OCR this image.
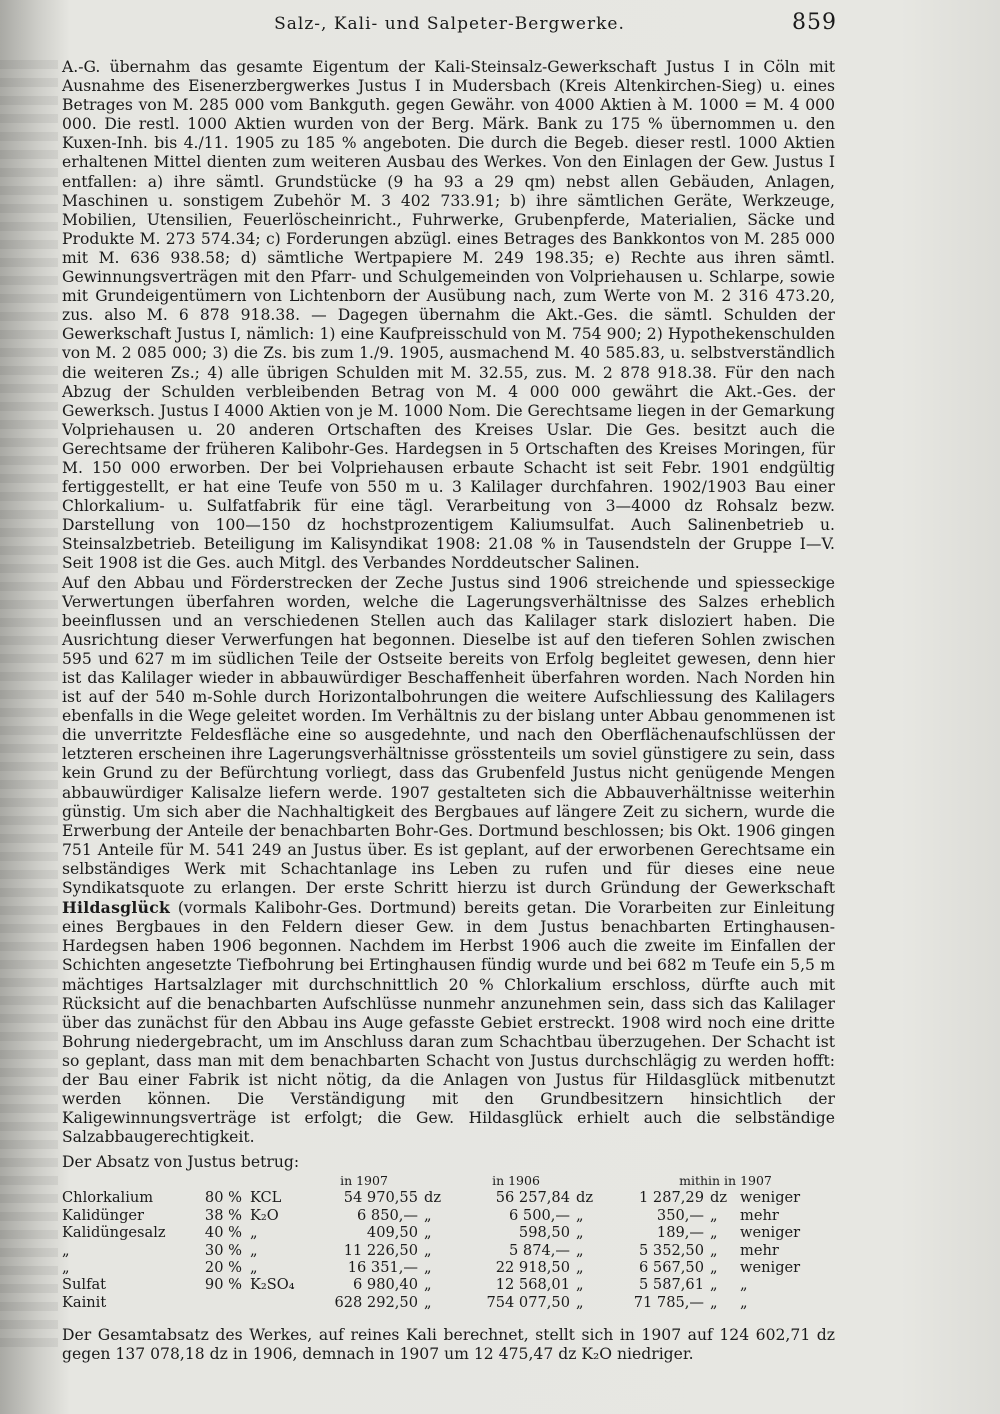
Salz-, Kali- und Salpeter-Bergwerke.	859

A.-G. übernahm das gesamte Eigentum der Kali-Steinsalz-Gewerkschaft Justus I in Cöln mit Ausnahme des Eisenerzbergwerkes Justus I in Mudersbach (Kreis Altenkirchen-Sieg) u. eines Betrages von M. 285 000 vom Bankguth. gegen Gewähr. von 4000 Aktien à M. 1000 = M. 4 000 000. Die restl. 1000 Aktien wurden von der Berg. Märk. Bank zu 175 % übernommen u. den Kuxen-Inh. bis 4./11. 1905 zu 185 % angeboten. Die durch die Begeb. dieser restl. 1000 Aktien erhaltenen Mittel dienten zum weiteren Ausbau des Werkes. Von den Einlagen der Gew. Justus I entfallen: a) ihre sämtl. Grundstücke (9 ha 93 a 29 qm) nebst allen Gebäuden, Anlagen, Maschinen u. sonstigem Zubehör M. 3 402 733.91; b) ihre sämtlichen Geräte, Werkzeuge, Mobilien, Utensilien, Feuerlöscheinricht., Fuhrwerke, Grubenpferde, Materialien, Säcke und Produkte M. 273 574.34; c) Forderungen abzügl. eines Betrages des Bankkontos von M. 285 000 mit M. 636 938.58; d) sämtliche Wertpapiere M. 249 198.35; e) Rechte aus ihren sämtl. Gewinnungsverträgen mit den Pfarr- und Schulgemeinden von Volpriehausen u. Schlarpe, sowie mit Grundeigentümern von Lichtenborn der Ausübung nach, zum Werte von M. 2 316 473.20, zus. also M. 6 878 918.38. — Dagegen übernahm die Akt.-Ges. die sämtl. Schulden der Gewerkschaft Justus I, nämlich: 1) eine Kaufpreisschuld von M. 754 900; 2) Hypothekenschulden von M. 2 085 000; 3) die Zs. bis zum 1./9. 1905, ausmachend M. 40 585.83, u. selbstverständlich die weiteren Zs.; 4) alle übrigen Schulden mit M. 32.55, zus. M. 2 878 918.38. Für den nach Abzug der Schulden verbleibenden Betrag von M. 4 000 000 gewährt die Akt.-Ges. der Gewerksch. Justus I 4000 Aktien von je M. 1000 Nom. Die Gerechtsame liegen in der Gemarkung Volpriehausen u. 20 anderen Ortschaften des Kreises Uslar. Die Ges. besitzt auch die Gerechtsame der früheren Kalibohr-Ges. Hardegsen in 5 Ortschaften des Kreises Moringen, für M. 150 000 erworben. Der bei Volpriehausen erbaute Schacht ist seit Febr. 1901 endgültig fertiggestellt, er hat eine Teufe von 550 m u. 3 Kalilager durchfahren. 1902/1903 Bau einer Chlorkalium- u. Sulfatfabrik für eine tägl. Verarbeitung von 3—4000 dz Rohsalz bezw. Darstellung von 100—150 dz hochstprozentigem Kaliumsulfat. Auch Salinenbetrieb u. Steinsalzbetrieb. Beteiligung im Kalisyndikat 1908: 21.08 % in Tausendsteln der Gruppe I—V. Seit 1908 ist die Ges. auch Mitgl. des Verbandes Norddeutscher Salinen.

Auf den Abbau und Förderstrecken der Zeche Justus sind 1906 streichende und spiesseckige Verwertungen überfahren worden, welche die Lagerungsverhältnisse des Salzes erheblich beeinflussen und an verschiedenen Stellen auch das Kalilager stark disloziert haben. Die Ausrichtung dieser Verwerfungen hat begonnen. Dieselbe ist auf den tieferen Sohlen zwischen 595 und 627 m im südlichen Teile der Ostseite bereits von Erfolg begleitet gewesen, denn hier ist das Kalilager wieder in abbauwürdiger Beschaffenheit überfahren worden. Nach Norden hin ist auf der 540 m-Sohle durch Horizontalbohrungen die weitere Aufschliessung des Kalilagers ebenfalls in die Wege geleitet worden. Im Verhältnis zu der bislang unter Abbau genommenen ist die unverritzte Feldesfläche eine so ausgedehnte, und nach den Oberflächenaufschlüssen der letzteren erscheinen ihre Lagerungsverhältnisse grösstenteils um soviel günstigere zu sein, dass kein Grund zu der Befürchtung vorliegt, dass das Grubenfeld Justus nicht genügende Mengen abbauwürdiger Kalisalze liefern werde. 1907 gestalteten sich die Abbauverhältnisse weiterhin günstig. Um sich aber die Nachhaltigkeit des Bergbaues auf längere Zeit zu sichern, wurde die Erwerbung der Anteile der benachbarten Bohr-Ges. Dortmund beschlossen; bis Okt. 1906 gingen 751 Anteile für M. 541 249 an Justus über. Es ist geplant, auf der erworbenen Gerechtsame ein selbständiges Werk mit Schachtanlage ins Leben zu rufen und für dieses eine neue Syndikatsquote zu erlangen. Der erste Schritt hierzu ist durch Gründung der Gewerkschaft Hildasglück (vormals Kalibohr-Ges. Dortmund) bereits getan. Die Vorarbeiten zur Einleitung eines Bergbaues in den Feldern dieser Gew. in dem Justus benachbarten Ertinghausen-Hardegsen haben 1906 begonnen. Nachdem im Herbst 1906 auch die zweite im Einfallen der Schichten angesetzte Tiefbohrung bei Ertinghausen fündig wurde und bei 682 m Teufe ein 5,5 m mächtiges Hartsalzlager mit durchschnittlich 20 % Chlorkalium erschloss, dürfte auch mit Rücksicht auf die benachbarten Aufschlüsse nunmehr anzunehmen sein, dass sich das Kalilager über das zunächst für den Abbau ins Auge gefasste Gebiet erstreckt. 1908 wird noch eine dritte Bohrung niedergebracht, um im Anschluss daran zum Schachtbau überzugehen. Der Schacht ist so geplant, dass man mit dem benachbarten Schacht von Justus durchschlägig zu werden hofft: der Bau einer Fabrik ist nicht nötig, da die Anlagen von Justus für Hildasglück mitbenutzt werden können. Die Verständigung mit den Grundbesitzern hinsichtlich der Kaligewinnungsverträge ist erfolgt; die Gew. Hildasglück erhielt auch die selbständige Salzabbaugerechtigkeit.

Der Absatz von Justus betrug:
			in 1907		in 1906		mithin in 1907		
Chlorkalium	80 %	KCL	54 970,55	dz	56 257,84	dz	1 287,29	dz	weniger
Kalidünger	38 %	K₂O	6 850,—	„	6 500,—	„	350,—	„	mehr
Kalidüngesalz	40 %	„	409,50	„	598,50	„	189,—	„	weniger
„	30 %	„	11 226,50	„	5 874,—	„	5 352,50	„	mehr
„	20 %	„	16 351,—	„	22 918,50	„	6 567,50	„	weniger
Sulfat	90 %	K₂SO₄	6 980,40	„	12 568,01	„	5 587,61	„	„
Kainit			628 292,50	„	754 077,50	„	71 785,—	„	„
Der Gesamtabsatz des Werkes, auf reines Kali berechnet, stellt sich in 1907 auf 124 602,71 dz gegen 137 078,18 dz in 1906, demnach in 1907 um 12 475,47 dz K₂O niedriger.
